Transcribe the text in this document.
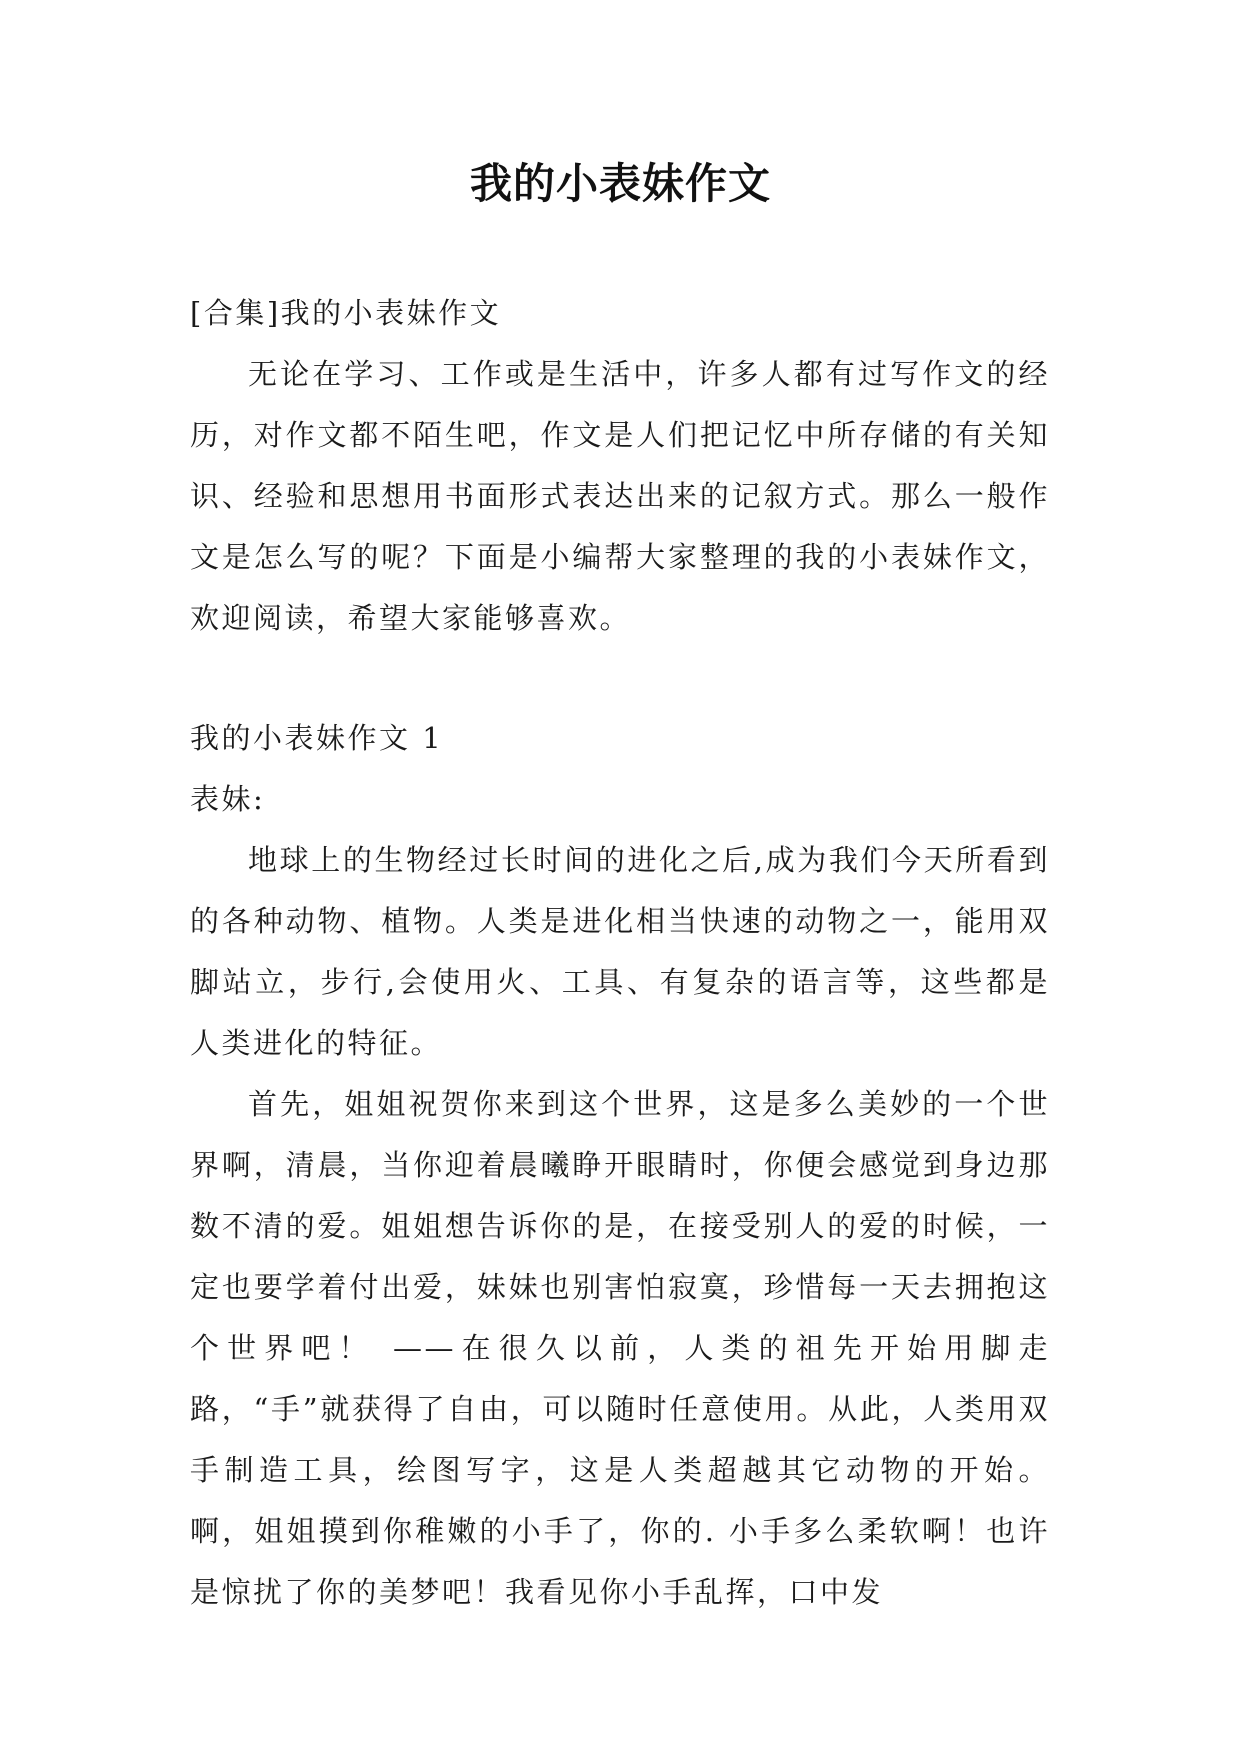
我的小表妹作文

[合集]我的小表妹作文

无论在学习、工作或是生活中，许多人都有过写作文的经历，对作文都不陌生吧，作文是人们把记忆中所存储的有关知识、经验和思想用书面形式表达出来的记叙方式。那么一般作文是怎么写的呢？下面是小编帮大家整理的我的小表妹作文，欢迎阅读，希望大家能够喜欢。

我的小表妹作文 1

表妹:

地球上的生物经过长时间的进化之后,成为我们今天所看到的各种动物、植物。人类是进化相当快速的动物之一，能用双脚站立，步行,会使用火、工具、有复杂的语言等，这些都是人类进化的特征。

首先，姐姐祝贺你来到这个世界，这是多么美妙的一个世界啊，清晨，当你迎着晨曦睁开眼睛时，你便会感觉到身边那数不清的爱。姐姐想告诉你的是，在接受别人的爱的时候，一定也要学着付出爱，妹妹也别害怕寂寞，珍惜每一天去拥抱这个世界吧！ ——在很久以前，人类的祖先开始用脚走路，“手”就获得了自由，可以随时任意使用。从此，人类用双手制造工具，绘图写字，这是人类超越其它动物的开始。 啊，姐姐摸到你稚嫩的小手了，你的. 小手多么柔软啊！也许是惊扰了你的美梦吧！我看见你小手乱挥，口中发
